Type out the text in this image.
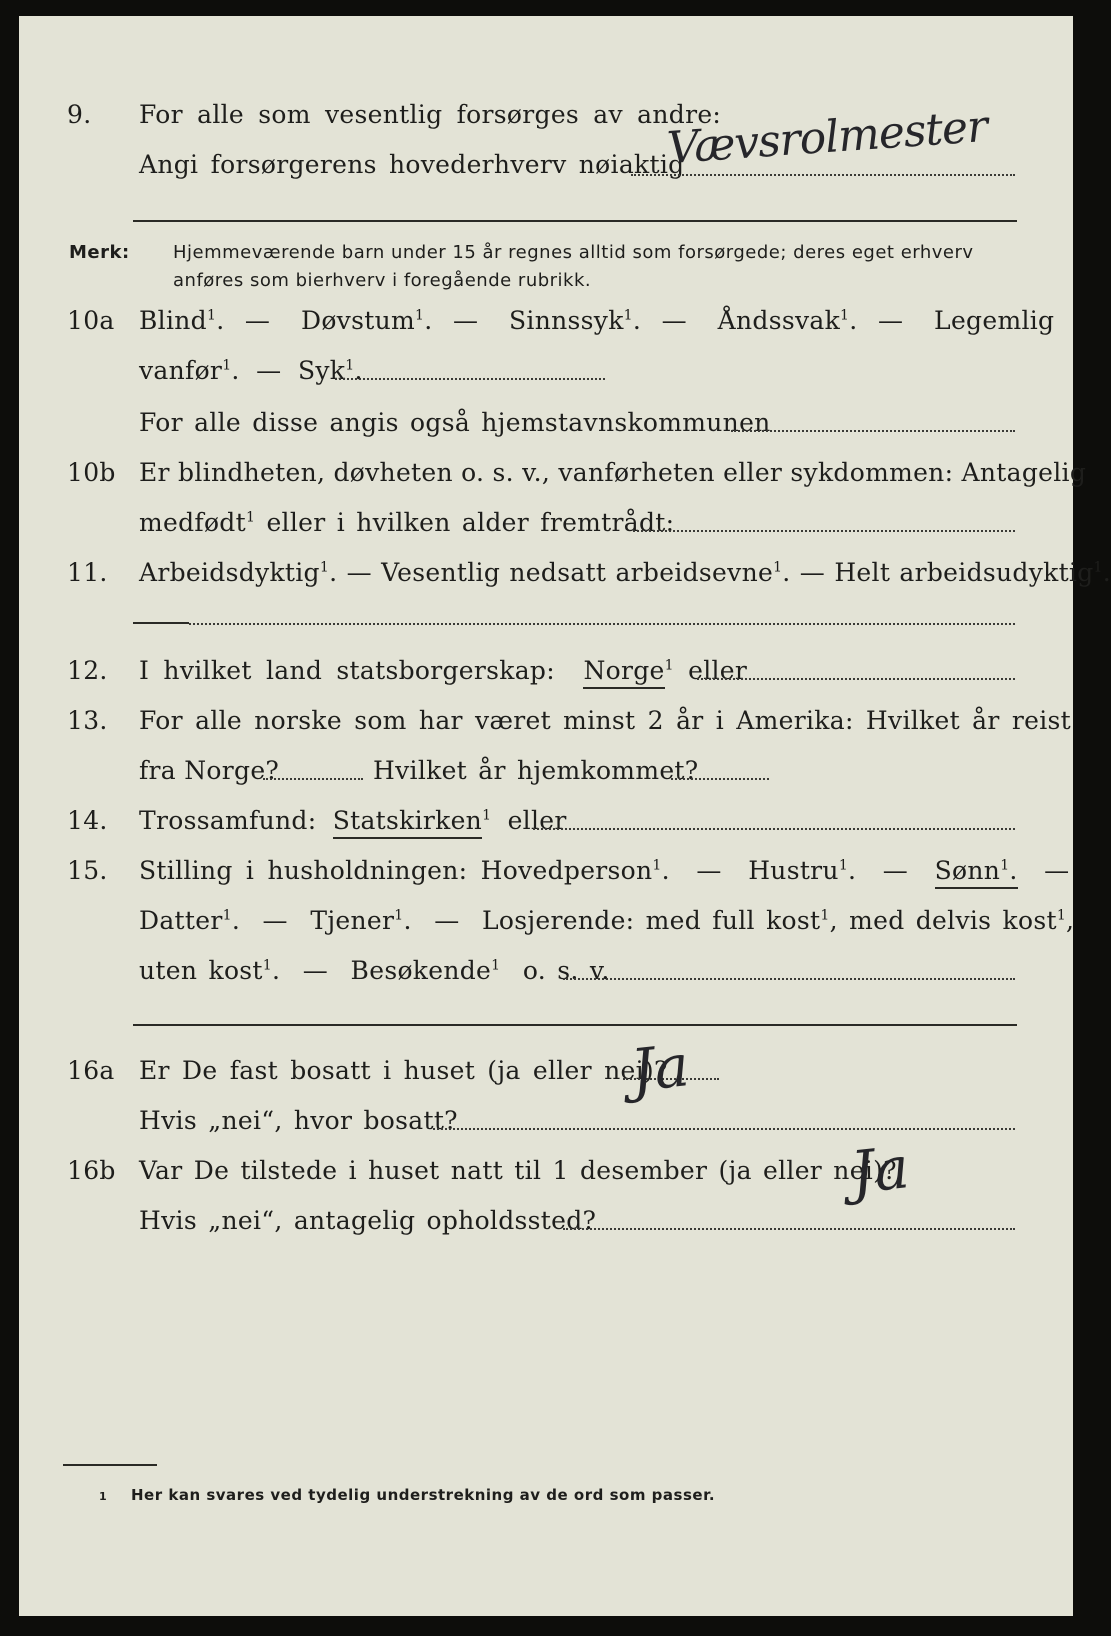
9. For alle som vesentlig forsørges av andre:
Angi forsørgerens hovederhverv nøiaktig
Vævsrolmester
Merk: Hjemmeværende barn under 15 år regnes alltid som forsørgede; deres eget erhverv
anføres som bierhverv i foregående rubrikk.
10a Blind$^1$.  —   Døvstum$^1$.  —   Sinnssyk$^1$.  —   Åndssvak$^1$.  —   Legemlig
vanfør$^1$.  —  Syk$^1$.
For alle disse angis også hjemstavnskommunen
10b Er blindheten, døvheten o. s. v., vanførheten eller sykdommen: Antagelig
medfødt$^1$ eller i hvilken alder fremtrådt:
11. Arbeidsdyktig$^1$. — Vesentlig nedsatt arbeidsevne$^1$. — Helt arbeidsudyktig$^1$.
12. I hvilket land statsborgerskap: Norge$^1$ eller
13. For alle norske som har været minst 2 år i Amerika: Hvilket år reist
fra Norge?	Hvilket år hjemkommet?
14. Trossamfund: Statskirken$^1$ eller
15. Stilling i husholdningen: Hovedperson$^1$.  —  Hustru$^1$.  —  Sønn$^1$.  —
Datter$^1$.  —  Tjener$^1$.  —  Losjerende: med full kost$^1$, med delvis kost$^1$,
uten kost$^1$.  —  Besøkende$^1$ o. s. v.
16a Er De fast bosatt i huset (ja eller nei)?
Hvis „nei“, hvor bosatt?
Ja
16b Var De tilstede i huset natt til 1 desember (ja eller nei)?
Hvis „nei“, antagelig opholdssted?
Ja
1 Her kan svares ved tydelig understrekning av de ord som passer.
